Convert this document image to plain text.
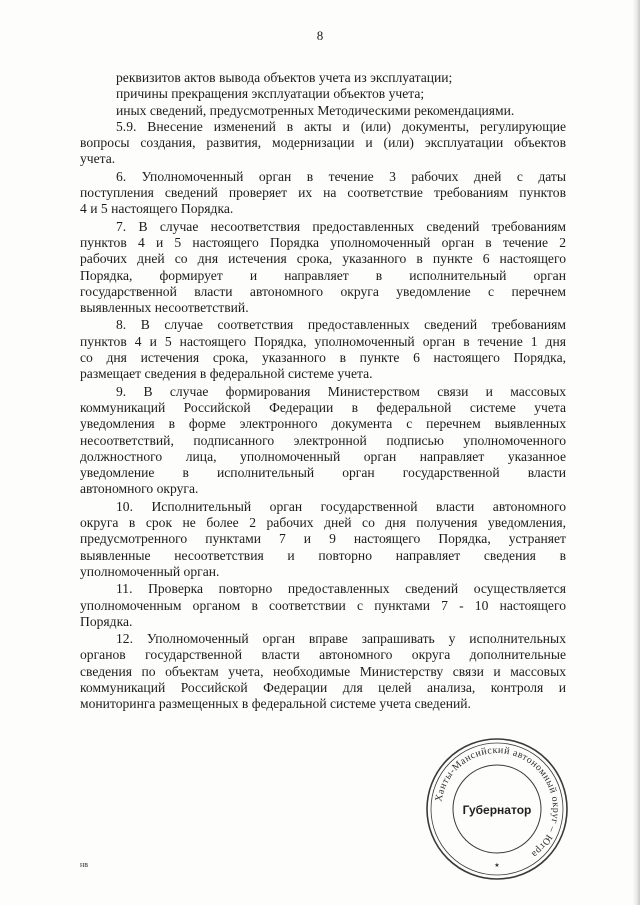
8
реквизитов актов вывода объектов учета из эксплуатации;
причины прекращения эксплуатации объектов учета;
иных сведений, предусмотренных Методическими рекомендациями.
5.9. Внесение изменений в акты и (или) документы, регулирующие
вопросы создания, развития, модернизации и (или) эксплуатации объектов
учета.
6. Уполномоченный орган в течение 3 рабочих дней с даты
поступления сведений проверяет их на соответствие требованиям пунктов
4 и 5 настоящего Порядка.
7. В случае несоответствия предоставленных сведений требованиям
пунктов 4 и 5 настоящего Порядка уполномоченный орган в течение 2
рабочих дней со дня истечения срока, указанного в пункте 6 настоящего
Порядка, формирует и направляет в исполнительный орган
государственной власти автономного округа уведомление с перечнем
выявленных несоответствий.
8. В случае соответствия предоставленных сведений требованиям
пунктов 4 и 5 настоящего Порядка, уполномоченный орган в течение 1 дня
со дня истечения срока, указанного в пункте 6 настоящего Порядка,
размещает сведения в федеральной системе учета.
9. В случае формирования Министерством связи и массовых
коммуникаций Российской Федерации в федеральной системе учета
уведомления в форме электронного документа с перечнем выявленных
несоответствий, подписанного электронной подписью уполномоченного
должностного лица, уполномоченный орган направляет указанное
уведомление в исполнительный орган государственной власти
автономного округа.
10. Исполнительный орган государственной власти автономного
округа в срок не более 2 рабочих дней со дня получения уведомления,
предусмотренного пунктами 7 и 9 настоящего Порядка, устраняет
выявленные несоответствия и повторно направляет сведения в
уполномоченный орган.
11. Проверка повторно предоставленных сведений осуществляется
уполномоченным органом в соответствии с пунктами 7 - 10 настоящего
Порядка.
12. Уполномоченный орган вправе запрашивать у исполнительных
органов государственной власти автономного округа дополнительные
сведения по объектам учета, необходимые Министерству связи и массовых
коммуникаций Российской Федерации для целей анализа, контроля и
мониторинга размещенных в федеральной системе учета сведений.
Ханты-Мансийский автономный округ – Югра
Губернатор
★
нв
